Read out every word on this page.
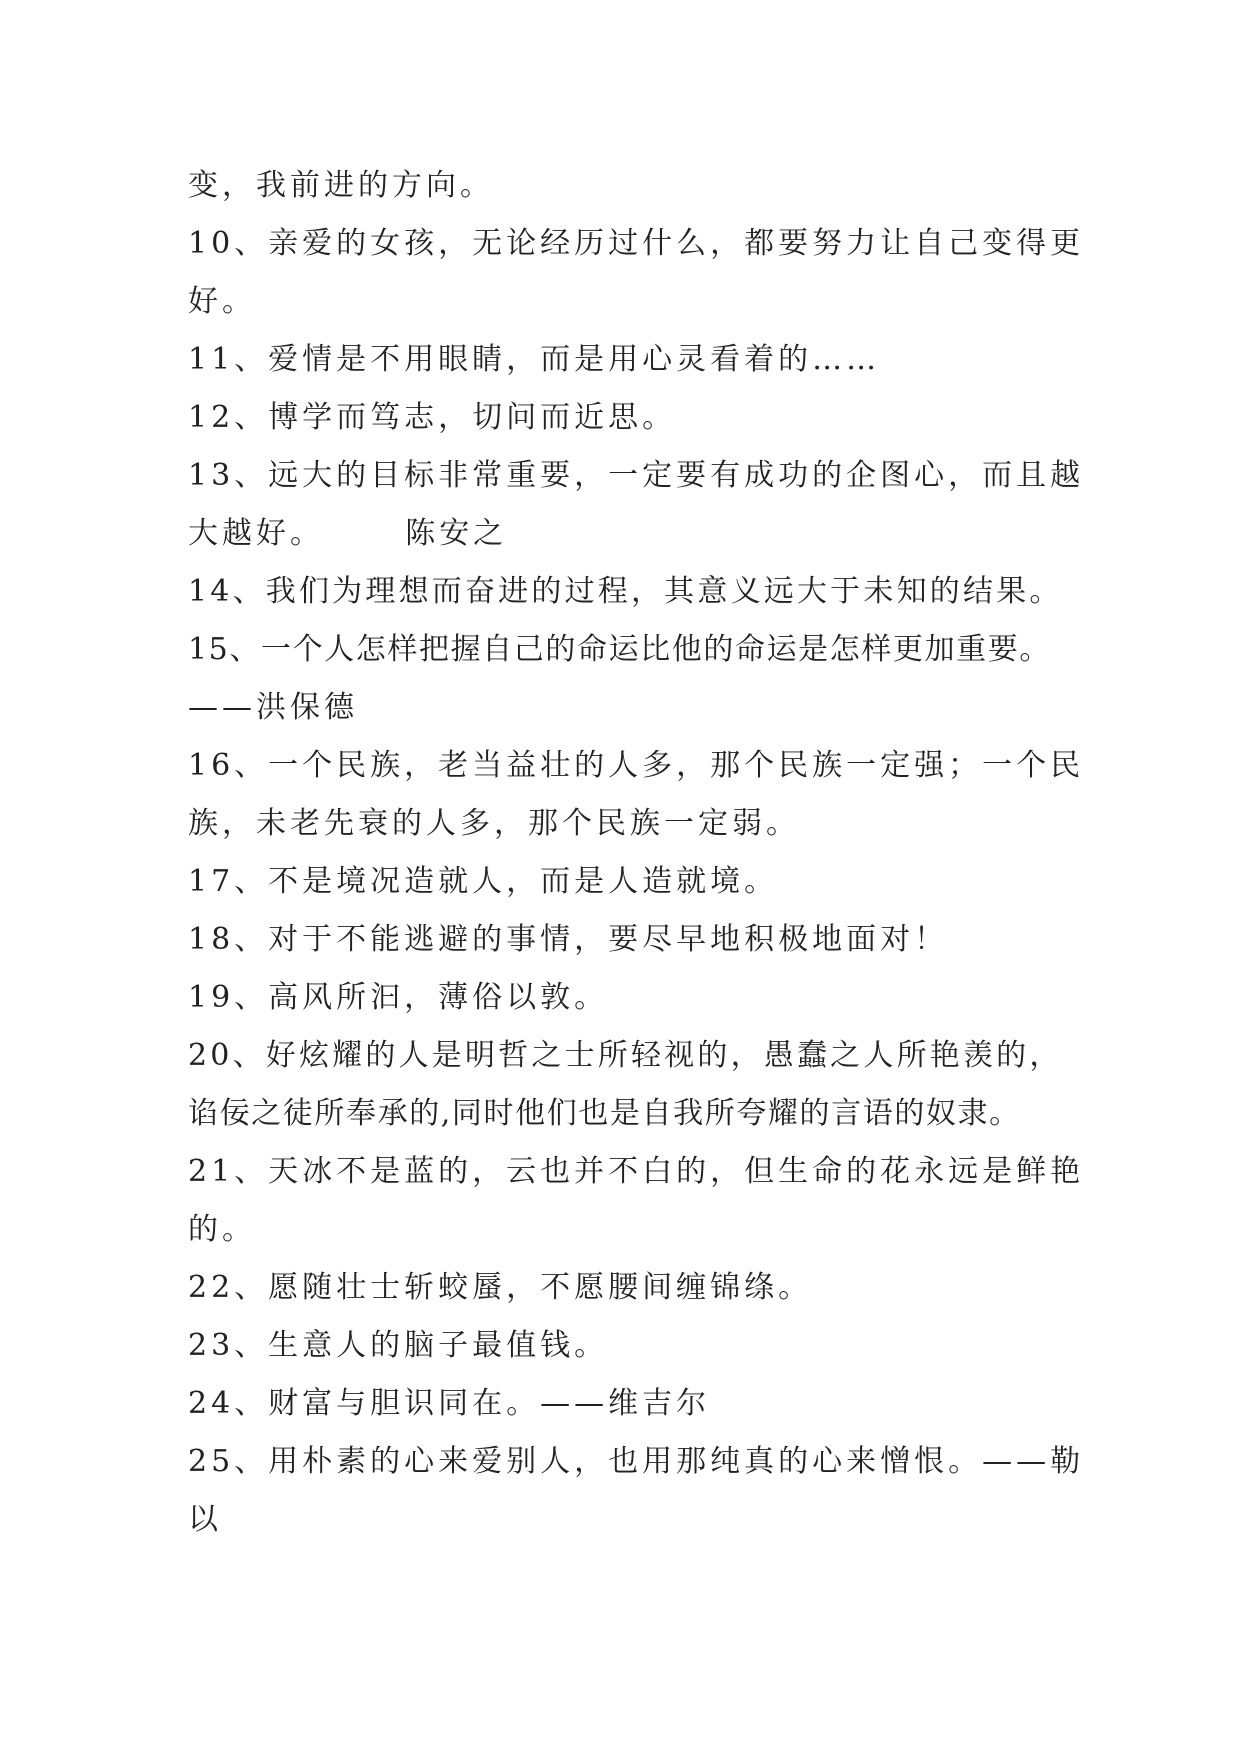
变，我前进的方向。
10、亲爱的女孩，无论经历过什么，都要努力让自己变得更
好。
11、爱情是不用眼睛，而是用心灵看着的……
12、博学而笃志，切问而近思。
13、远大的目标非常重要，一定要有成功的企图心，而且越
大越好。      陈安之
14、我们为理想而奋进的过程，其意义远大于未知的结果。
15、一个人怎样把握自己的命运比他的命运是怎样更加重要。
——洪保德
16、一个民族，老当益壮的人多，那个民族一定强；一个民
族，未老先衰的人多，那个民族一定弱。
17、不是境况造就人，而是人造就境。
18、对于不能逃避的事情，要尽早地积极地面对！
19、高风所汩，薄俗以敦。
20、好炫耀的人是明哲之士所轻视的，愚蠢之人所艳羡的，
谄佞之徒所奉承的,同时他们也是自我所夸耀的言语的奴隶。
21、天冰不是蓝的，云也并不白的，但生命的花永远是鲜艳
的。
22、愿随壮士斩蛟蜃，不愿腰间缠锦绦。
23、生意人的脑子最值钱。
24、财富与胆识同在。——维吉尔
25、用朴素的心来爱别人，也用那纯真的心来憎恨。——勒
以
